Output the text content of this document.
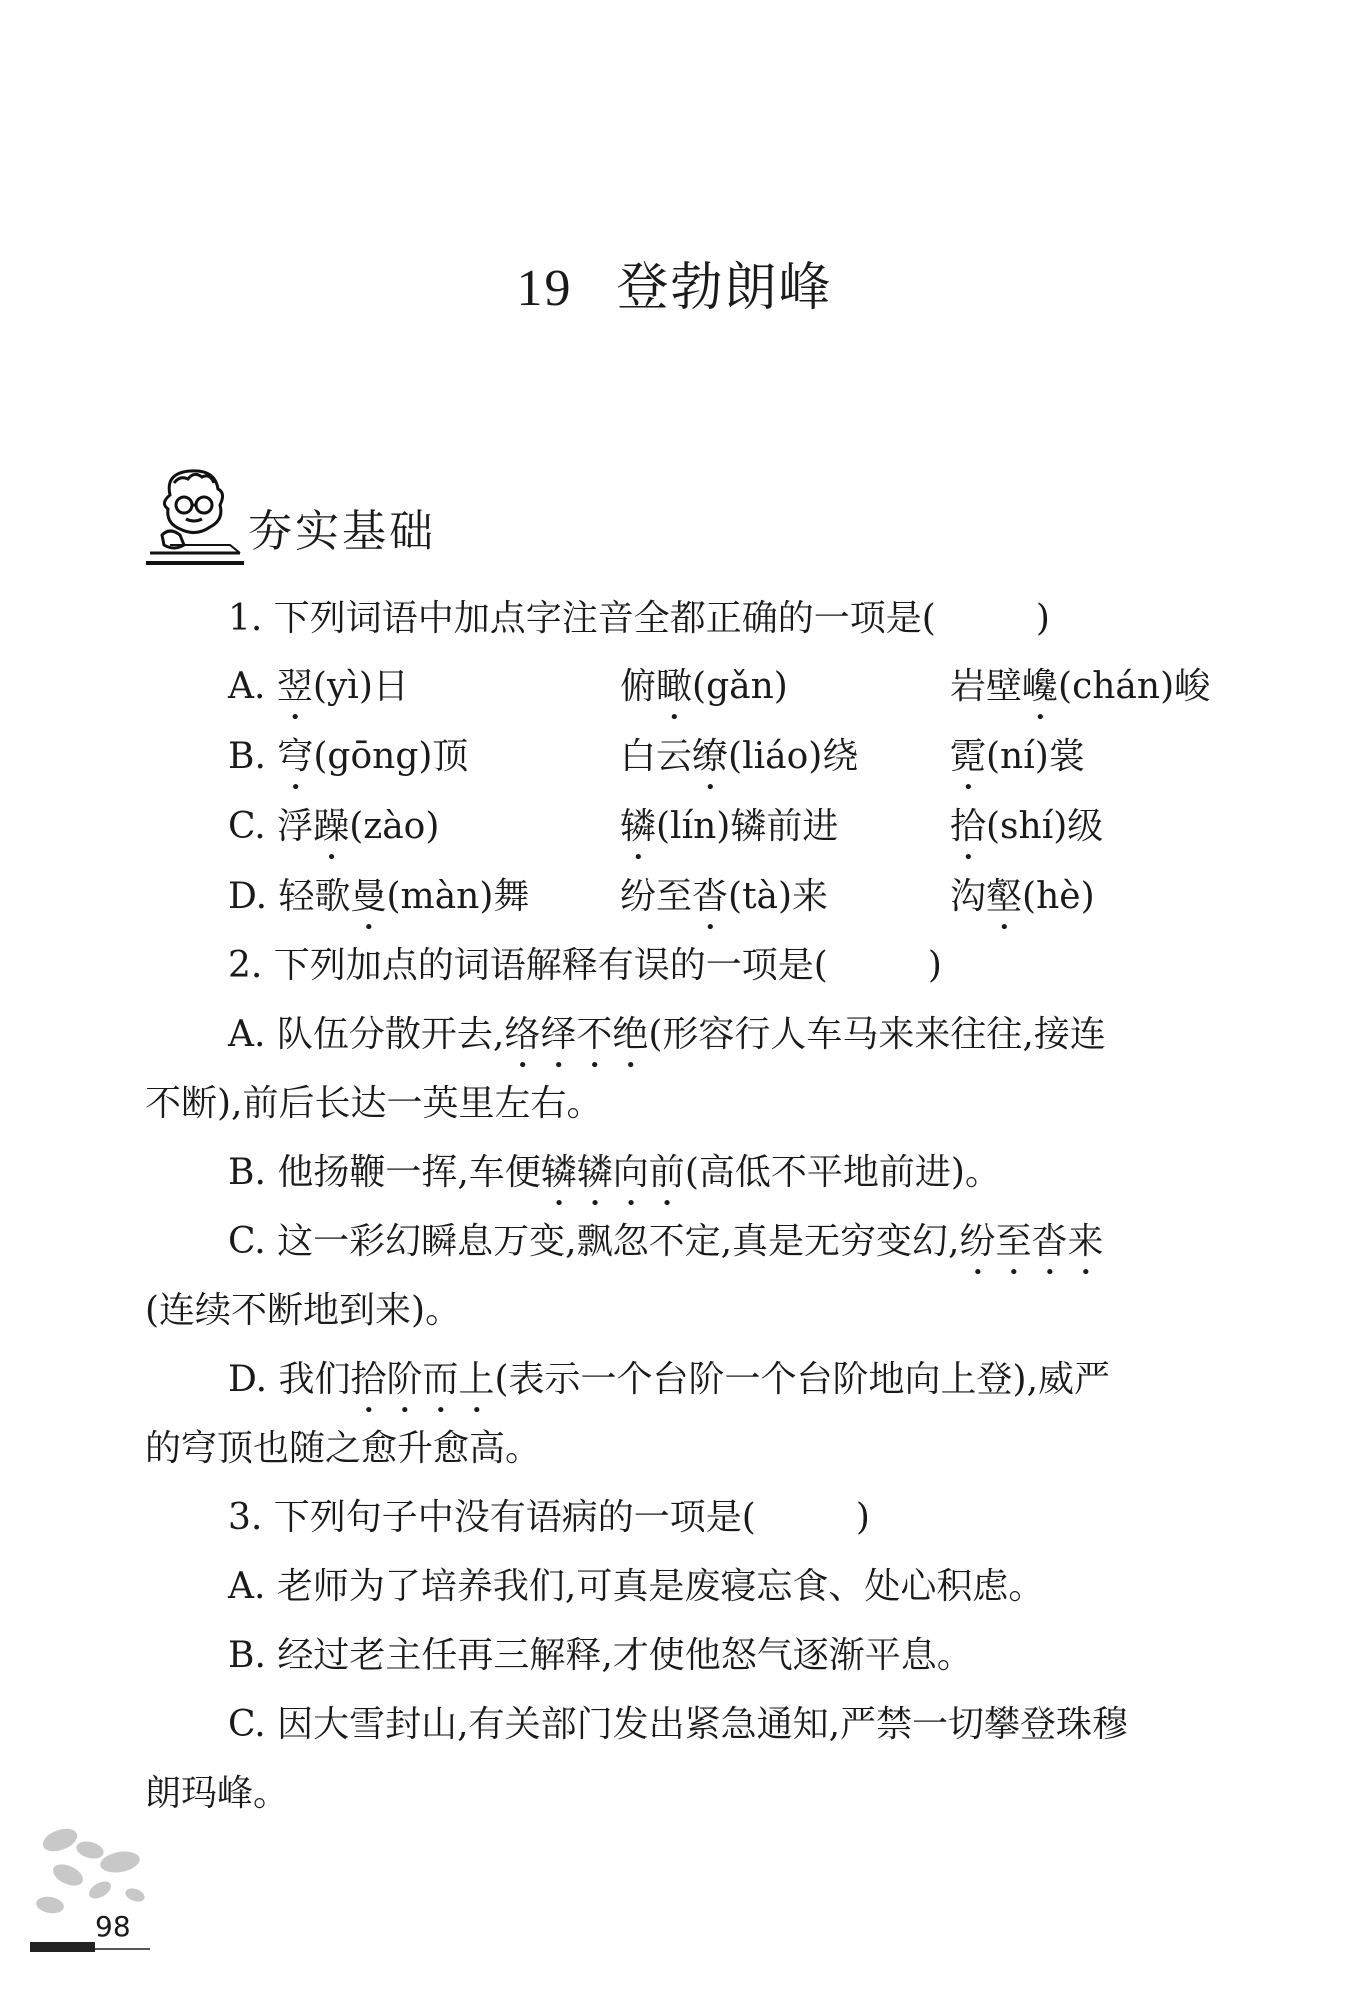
19 登勃朗峰
夯实基础
1. 下列词语中加点字注音全都正确的一项是(	)
A. 翌(yì)日	俯瞰(gǎn)	岩壁巉(chán)峻
B. 穹(gōng)顶	白云缭(liáo)绕	霓(ní)裳
C. 浮躁(zào)	辚(lín)辚前进	拾(shí)级
D. 轻歌曼(màn)舞	纷至沓(tà)来	沟壑(hè)
2. 下列加点的词语解释有误的一项是(	)
A. 队伍分散开去,络绎不绝(形容行人车马来来往往,接连
不断),前后长达一英里左右。
B. 他扬鞭一挥,车便辚辚向前(高低不平地前进)。
C. 这一彩幻瞬息万变,飘忽不定,真是无穷变幻,纷至沓来
(连续不断地到来)。
D. 我们拾阶而上(表示一个台阶一个台阶地向上登),威严
的穹顶也随之愈升愈高。
3. 下列句子中没有语病的一项是(	)
A. 老师为了培养我们,可真是废寝忘食、处心积虑。
B. 经过老主任再三解释,才使他怒气逐渐平息。
C. 因大雪封山,有关部门发出紧急通知,严禁一切攀登珠穆
朗玛峰。
98
